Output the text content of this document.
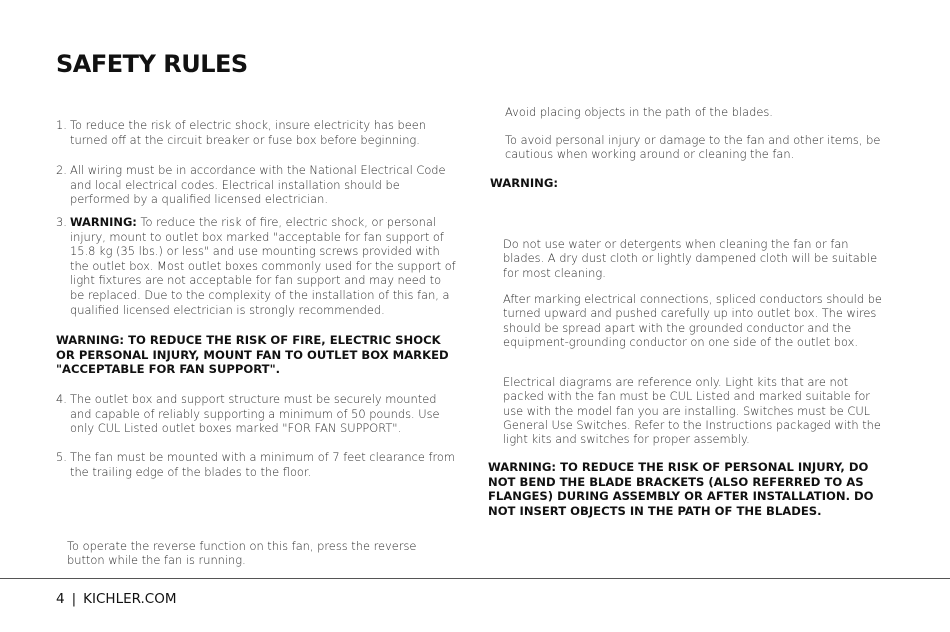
SAFETY RULES
1. To reduce the risk of electric shock, insure electricity has been turned off at the circuit breaker or fuse box before beginning.
2. All wiring must be in accordance with the National Electrical Code and local electrical codes. Electrical installation should be performed by a qualified licensed electrician.
3. WARNING: To reduce the risk of fire, electric shock, or personal injury, mount to outlet box marked "acceptable for fan support of 15.8 kg (35 lbs.) or less" and use mounting screws provided with the outlet box. Most outlet boxes commonly used for the support of light fixtures are not acceptable for fan support and may need to be replaced. Due to the complexity of the installation of this fan, a qualified licensed electrician is strongly recommended.
WARNING: TO REDUCE THE RISK OF FIRE, ELECTRIC SHOCK OR PERSONAL INJURY, MOUNT FAN TO OUTLET BOX MARKED "ACCEPTABLE FOR FAN SUPPORT".
4. The outlet box and support structure must be securely mounted and capable of reliably supporting a minimum of 50 pounds. Use only CUL Listed outlet boxes marked "FOR FAN SUPPORT".
5. The fan must be mounted with a minimum of 7 feet clearance from the trailing edge of the blades to the floor.
To operate the reverse function on this fan, press the reverse button while the fan is running.
Avoid placing objects in the path of the blades.
To avoid personal injury or damage to the fan and other items, be cautious when working around or cleaning the fan.
WARNING:
Do not use water or detergents when cleaning the fan or fan blades. A dry dust cloth or lightly dampened cloth will be suitable for most cleaning.
After marking electrical connections, spliced conductors should be turned upward and pushed carefully up into outlet box. The wires should be spread apart with the grounded conductor and the equipment-grounding conductor on one side of the outlet box.
Electrical diagrams are reference only. Light kits that are not packed with the fan must be CUL Listed and marked suitable for use with the model fan you are installing. Switches must be CUL General Use Switches. Refer to the Instructions packaged with the light kits and switches for proper assembly.
WARNING: TO REDUCE THE RISK OF PERSONAL INJURY, DO NOT BEND THE BLADE BRACKETS (ALSO REFERRED TO AS FLANGES) DURING ASSEMBLY OR AFTER INSTALLATION. DO NOT INSERT OBJECTS IN THE PATH OF THE BLADES.
4 | KICHLER.COM
